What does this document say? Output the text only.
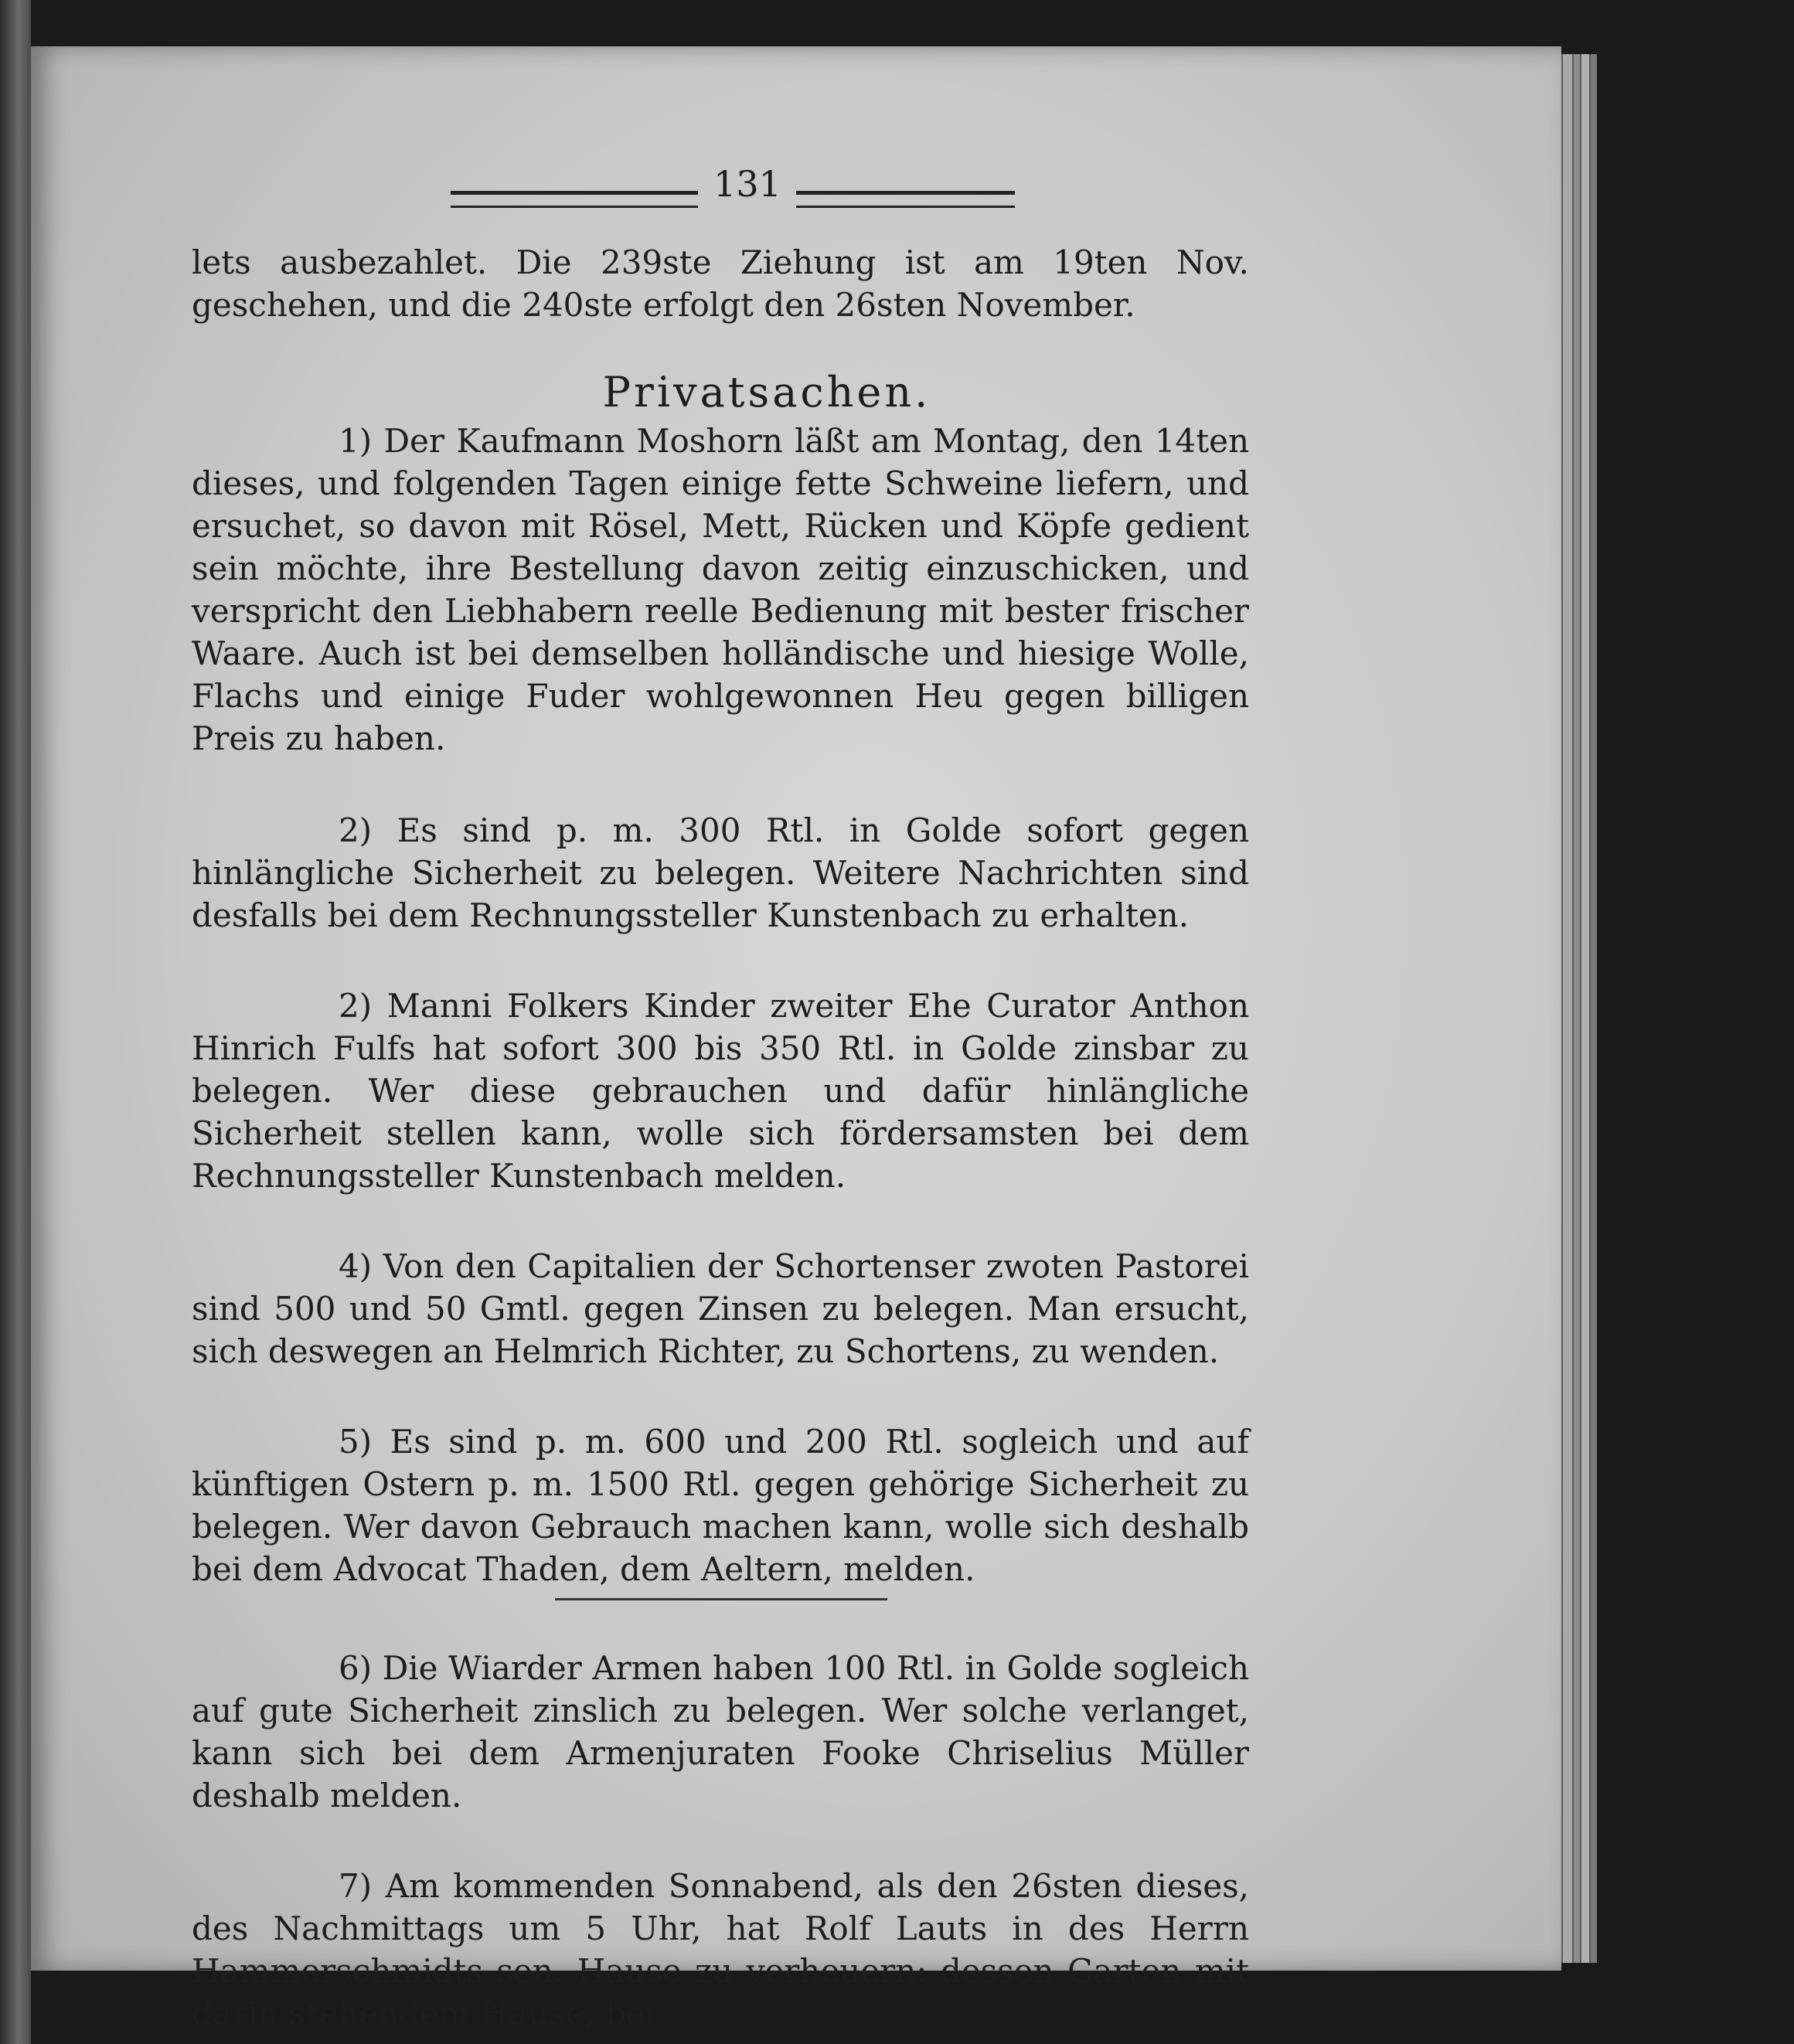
131

lets ausbezahlet. Die 239ste Ziehung ist am 19ten Nov. geschehen, und die 240ste erfolgt den 26sten November.

Privatsachen.

1) Der Kaufmann Moshorn läßt am Montag, den 14ten dieses, und folgenden Tagen einige fette Schweine liefern, und ersuchet, so davon mit Rösel, Mett, Rücken und Köpfe gedient sein möchte, ihre Bestellung davon zeitig einzuschicken, und verspricht den Liebhabern reelle Bedienung mit bester frischer Waare. Auch ist bei demselben holländische und hiesige Wolle, Flachs und einige Fuder wohlgewonnen Heu gegen billigen Preis zu haben.

2) Es sind p. m. 300 Rtl. in Golde sofort gegen hinlängliche Sicherheit zu belegen. Weitere Nachrichten sind desfalls bei dem Rechnungssteller Kunstenbach zu erhalten.

2) Manni Folkers Kinder zweiter Ehe Curator Anthon Hinrich Fulfs hat sofort 300 bis 350 Rtl. in Golde zinsbar zu belegen. Wer diese gebrauchen und dafür hinlängliche Sicherheit stellen kann, wolle sich fördersamsten bei dem Rechnungssteller Kunstenbach melden.

4) Von den Capitalien der Schortenser zwoten Pastorei sind 500 und 50 Gmtl. gegen Zinsen zu belegen. Man ersucht, sich deswegen an Helmrich Richter, zu Schortens, zu wenden.

5) Es sind p. m. 600 und 200 Rtl. sogleich und auf künftigen Ostern p. m. 1500 Rtl. gegen gehörige Sicherheit zu belegen. Wer davon Gebrauch machen kann, wolle sich deshalb bei dem Advocat Thaden, dem Aeltern, melden.

6) Die Wiarder Armen haben 100 Rtl. in Golde sogleich auf gute Sicherheit zinslich zu belegen. Wer solche verlanget, kann sich bei dem Armenjuraten Fooke Chriselius Müller deshalb melden.

7) Am kommenden Sonnabend, als den 26sten dieses, des Nachmittags um 5 Uhr, hat Rolf Lauts in des Herrn Hammerschmidts sen. Hause zu verheuern: dessen Garten mit darin stehendem Hause, bei
